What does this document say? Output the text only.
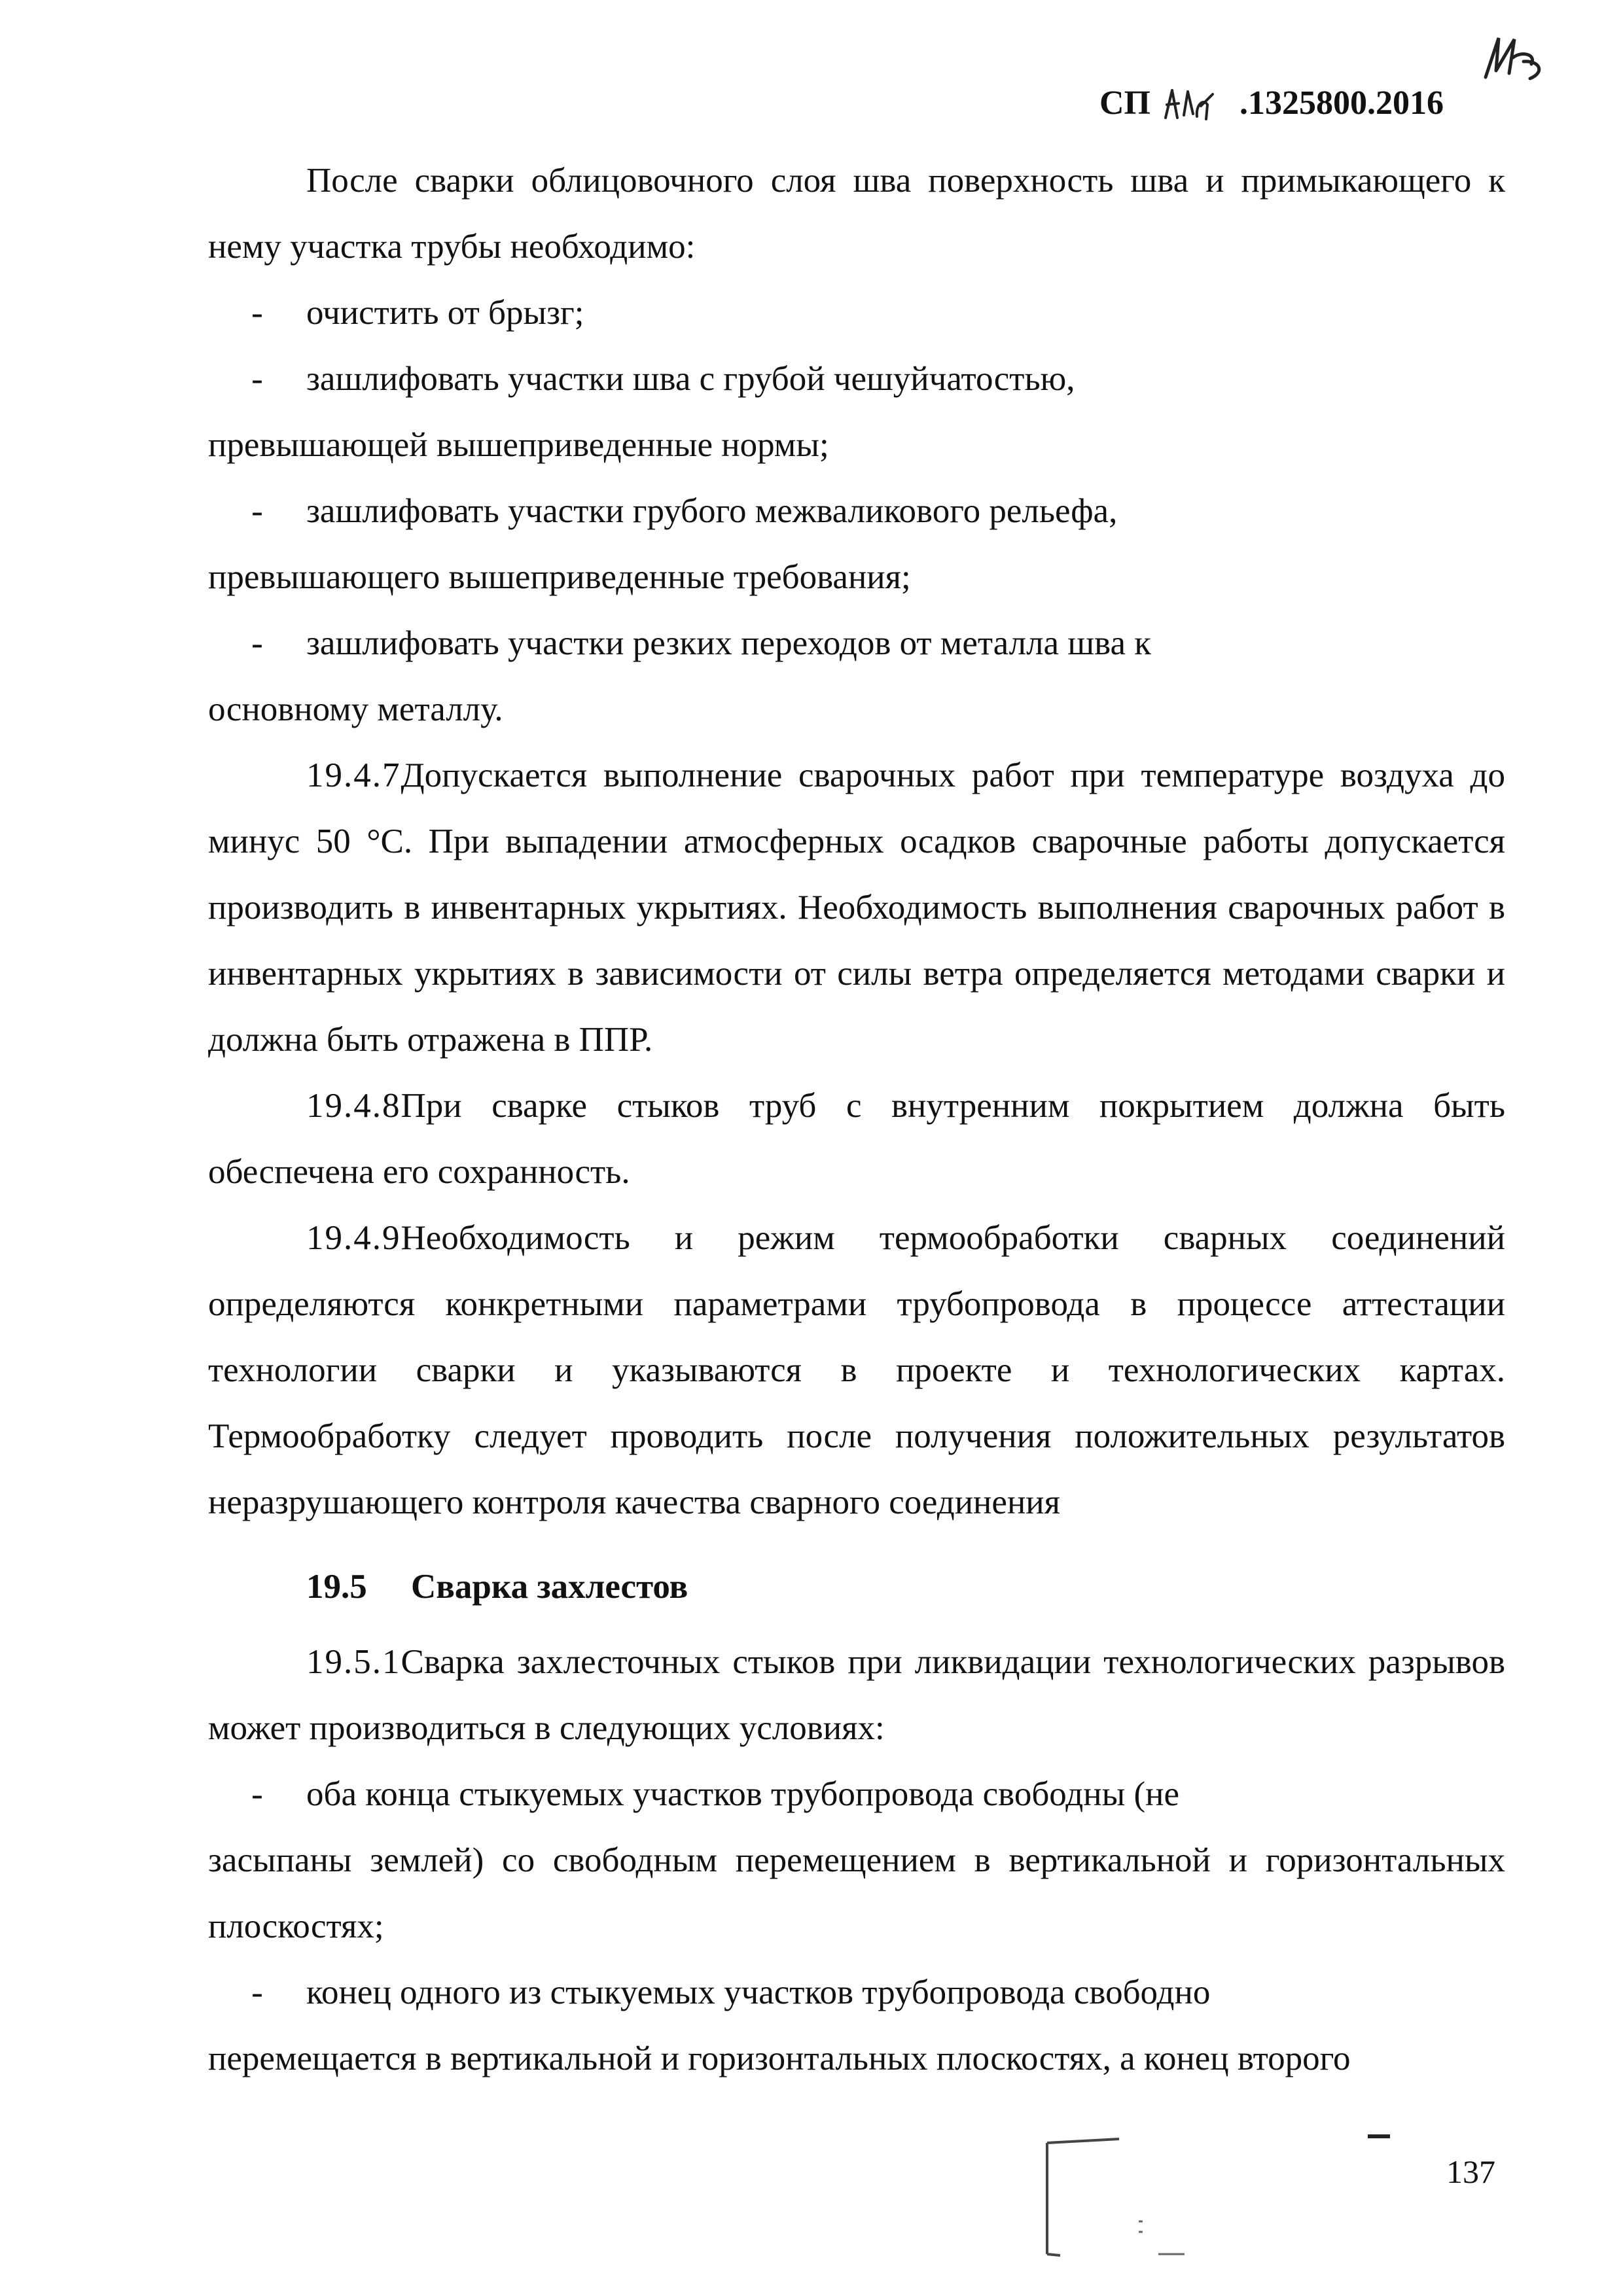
СП	.1325800.2016

После сварки облицовочного слоя шва поверхность шва и примыкающего к нему участка трубы необходимо:

-	очистить от брызг;
-	зашлифовать участки шва с грубой чешуйчатостью,

превышающей вышеприведенные нормы;

-	зашлифовать участки грубого межваликового рельефа,

превышающего вышеприведенные требования;

-	зашлифовать участки резких переходов от металла шва к

основному металлу.

19.4.7Допускается выполнение сварочных работ при температуре воздуха до минус 50 °С. При выпадении атмосферных осадков сварочные работы допускается производить в инвентарных укрытиях. Необходимость выполнения сварочных работ в инвентарных укрытиях в зависимости от силы ветра определяется методами сварки и должна быть отражена в ППР.

19.4.8При сварке стыков труб с внутренним покрытием должна быть обеспечена его сохранность.

19.4.9Необходимость и режим термообработки сварных соединений определяются конкретными параметрами трубопровода в процессе аттестации технологии сварки и указываются в проекте и технологических картах. Термообработку следует проводить после получения положительных результатов неразрушающего контроля качества сварного соединения

19.5 Сварка захлестов

19.5.1Сварка захлесточных стыков при ликвидации технологических разрывов может производиться в следующих условиях:

-	оба конца стыкуемых участков трубопровода свободны (не

засыпаны землей) со свободным перемещением в вертикальной и горизонтальных плоскостях;

-	конец одного из стыкуемых участков трубопровода свободно

перемещается в вертикальной и горизонтальных плоскостях, а конец второго

137
